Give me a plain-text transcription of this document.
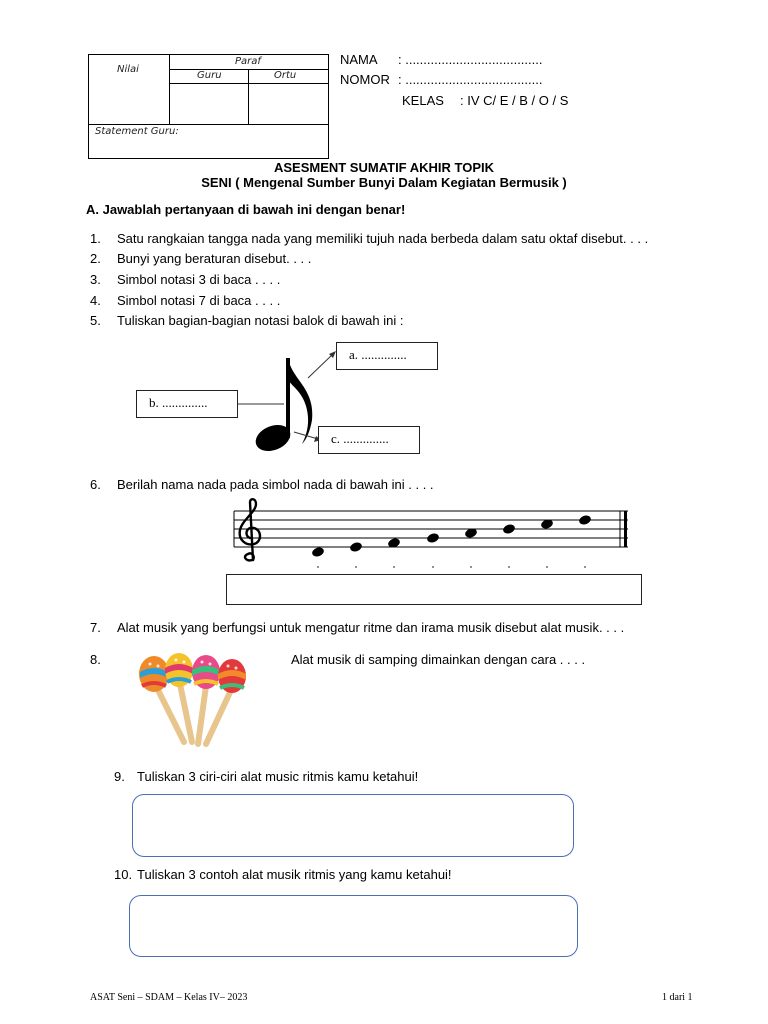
Nilai
Paraf
Guru	Ortu
Statement Guru:
NAMA : ......................................
NOMOR : ......................................
KELAS : IV C/ E / B / O / S
ASESMENT SUMATIF AKHIR TOPIK
SENI ( Mengenal Sumber Bunyi Dalam Kegiatan Bermusik )
A. Jawablah pertanyaan di bawah ini dengan benar!
1. Satu rangkaian tangga nada yang memiliki tujuh nada berbeda dalam satu oktaf disebut. . . .
2. Bunyi yang beraturan disebut. . . .
3. Simbol notasi 3 di baca . . . .
4. Simbol notasi 7 di baca . . . .
5. Tuliskan bagian-bagian notasi balok di bawah ini :
a. ..............
b. ..............
c. ..............
6. Berilah nama nada pada simbol nada di bawah ini . . . .
7. Alat musik yang berfungsi untuk mengatur ritme dan irama musik disebut alat musik. . . .
8.	Alat musik di samping dimainkan dengan cara . . . .
9. Tuliskan 3 ciri-ciri alat music ritmis kamu ketahui!
10. Tuliskan 3 contoh alat musik ritmis yang kamu ketahui!
ASAT Seni – SDAM – Kelas IV– 2023	1 dari 1
